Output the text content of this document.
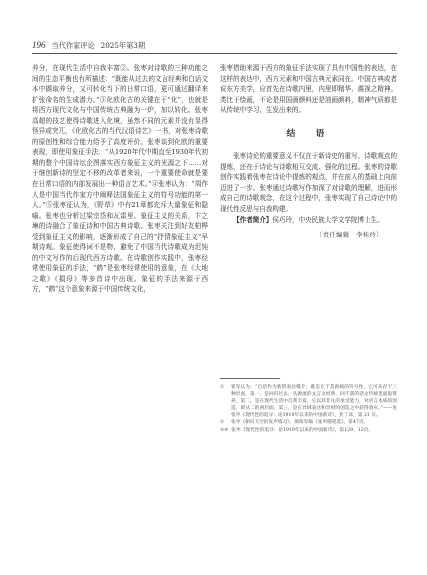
196 当代作家评论 2025年第3期

养分，在现代生活中自我丰富②。张枣对诗歌的三种功能之间的生态平衡也有所描述：“既能从过去的文言经典和白话文本中撷取养分，又可转化当下的日常口语，更可通过翻译来扩张命名的生成潜力。”③化欧化古的关键在于“化”，也就是将西方现代文化与中国传统古典融为一炉，加以转化。张枣高超的技艺使得诗歌进入化境，虽然不同的元素并没有显得怪异或突兀，《化欧化古的当代汉语诗艺》一书，对张枣诗歌的原创性和综合能力给予了高度评价。张枣谈到化欧的重要表现，即使用象征手法：“从1920年代中期直至1930年代初期的整个中国诗坛企图落实西方象征主义的光源之下……对于继创新诗的坚定不移的改革者来说，一个重要使命就是要在日常口语的内部发展出一种语言艺术。”④张枣认为：“周作人是中国当代作家方中阐释法国象征主义的符号功能的第一人。”⑤张枣征认为，《野草》中有21章都充斥大量象征和隐喻。张枣也分析过梁宗岱和瓦雷里、象征主义的关系，卞之琳的诗融合了象征诗和中国古典诗歌。张枣关注到好友柏桦受到象征主义的影响，逐渐形成了自己的“抒情象征主义”早期诗观。象征使得词不是物，避免了中国当代诗歌成为迟钝的中文写作的后现代西方诗歌。在诗歌创作实践中，张枣经常使用象征的手法，“鹤”是张枣经常使用的意象，在《大地之歌》《損母》等多首诗中出现。象征的手法来源于西方，“鹤”这个意象来源于中国传统文化，

张枣借助来源于西方的象征手法实现了具有中国性的表达，在这样的表达中，西方元素和中国古典元素同在。中国古典或者说东方美学，应首先在诗歌内里，内里即精华、震视之精神。类比于绘画，不论是用国画颜料还是油画颜料，精神气质都是从传统中学习、生发出来的。

结　语

张枣诗论的重要意义不仅在于新诗史的重写、诗歌观点的提炼，还在于诗论与诗歌相互交流、强化的过程。张枣的诗歌创作实践着张枣在诗论中提炼的观点，并在前人的基础上向前迈进了一步。张枣通过诗歌写作加深了对诗歌的理解，进而形成自己的诗歌观念，在这个过程中，张枣实现了自己诗论中的现代性反思与自我构建。

【作者简介】侯巧玲，中央民族大学文学院博士生。

〔责任编辑　李桂玲〕
①	崔军认为：“自话作为新的表达媒介，既是在于其新载的符号性，它可从存于三种层面，第一，是回归过去，从源流的文言文经典，回不落的话文传统里面取资养，第二，是在现代生活中自我丰富，它以其非凡的承受能力，对语言本质的创造，即从二的两层面，第三，是在异域表达和异时的创造之中获得效应。”——见张枣《现代性的追寻：论1919年以来的中国新诗》，亚丁译，第 21 页。
②	张枣《朝向天空的发声练习》，颜炼军编《张枣随笔选》，第47页。
③④ 张枣《现代性的追寻：论1919年以来的中国新诗》，第129、12页。
